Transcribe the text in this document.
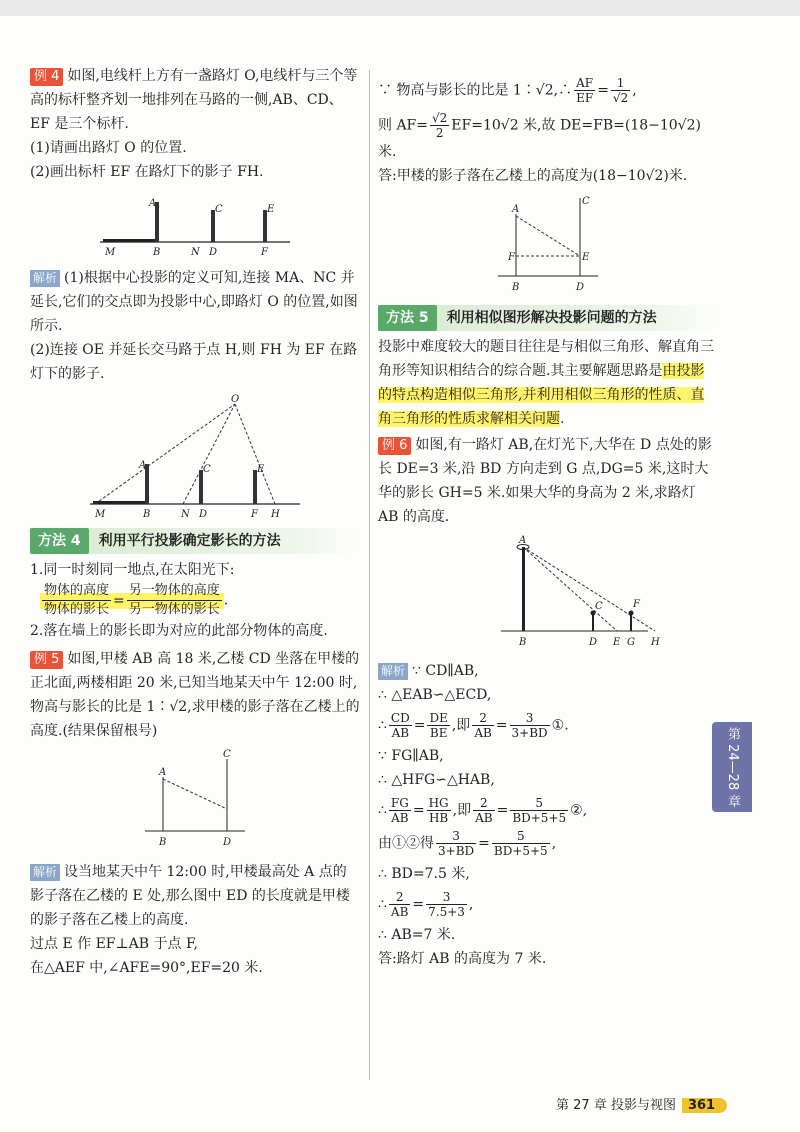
例 4 如图,电线杆上方有一盏路灯 O,电线杆与三个等高的标杆整齐划一地排列在马路的一侧,AB、CD、EF 是三个标杆.

(1)请画出路灯 O 的位置.

(2)画出标杆 EF 在路灯下的影子 FH.

A
C	E
M	B	N D	F

解析 (1)根据中心投影的定义可知,连接 MA、NC 并延长,它们的交点即为投影中心,即路灯 O 的位置,如图所示.

(2)连接 OE 并延长交马路于点 H,则 FH 为 EF 在路灯下的影子.

O
A	C	E
M	B	N D	F H
方法 4	利用平行投影确定影长的方法

1.同一时刻同一地点,在太阳光下:

$\frac{\text{物体的高度}}{\text{物体的影长}} = \frac{\text{另一物体的高度}}{\text{另一物体的影长}}$ .

2.落在墙上的影长即为对应的此部分物体的高度.

例 5 如图,甲楼 AB 高 18 米,乙楼 CD 坐落在甲楼的正北面,两楼相距 20 米,已知当地某天中午 12:00 时,物高与影长的比是 1∶√2,求甲楼的影子落在乙楼上的高度.(结果保留根号)

A
C
B	D

解析 设当地某天中午 12:00 时,甲楼最高处 A 点的影子落在乙楼的 E 处,那么图中 ED 的长度就是甲楼的影子落在乙楼上的高度.

过点 E 作 EF⊥AB 于点 F,

在△AEF 中,∠AFE=90°,EF=20 米.

∵ 物高与影长的比是 1∶√2,∴ $\frac{AF}{EF} = \frac{1}{√2}$ ,

则 $AF= \frac{√2}{2} EF=10√2$ 米,故 DE=FB=(18−10√2)米.

答:甲楼的影子落在乙楼上的高度为(18−10√2)米.

A
C
F	E
B	D
方法 5	利用相似图形解决投影问题的方法

投影中难度较大的题目往往是与相似三角形、解直角三角形等知识相结合的综合题.其主要解题思路是由投影的特点构造相似三角形,并利用相似三角形的性质、直角三角形的性质求解相关问题.

例 6 如图,有一路灯 AB,在灯光下,大华在 D 点处的影长 DE=3 米,沿 BD 方向走到 G 点,DG=5 米,这时大华的影长 GH=5 米.如果大华的身高为 2 米,求路灯 AB 的高度.

A
C	F
B	D E G H

解析 ∵ CD∥AB,

∴ △EAB∽△ECD,

∴ $\frac{CD}{AB} = \frac{DE}{BE}$ ,即 $\frac{2}{AB} = \frac{3}{3+BD}$ ①.

∵ FG∥AB,

∴ △HFG∽△HAB,

∴ $\frac{FG}{AB} = \frac{HG}{HB}$ ,即 $\frac{2}{AB} = \frac{5}{BD+5+5}$ ②,

由①②得 $\frac{3}{3+BD} = \frac{5}{BD+5+5}$ ,

∴ BD=7.5 米,

∴ $\frac{2}{AB} = \frac{3}{7.5+3}$ ,

∴ AB=7 米.

答:路灯 AB 的高度为 7 米.

第 24—28 章
第 27 章 投影与视图 361
